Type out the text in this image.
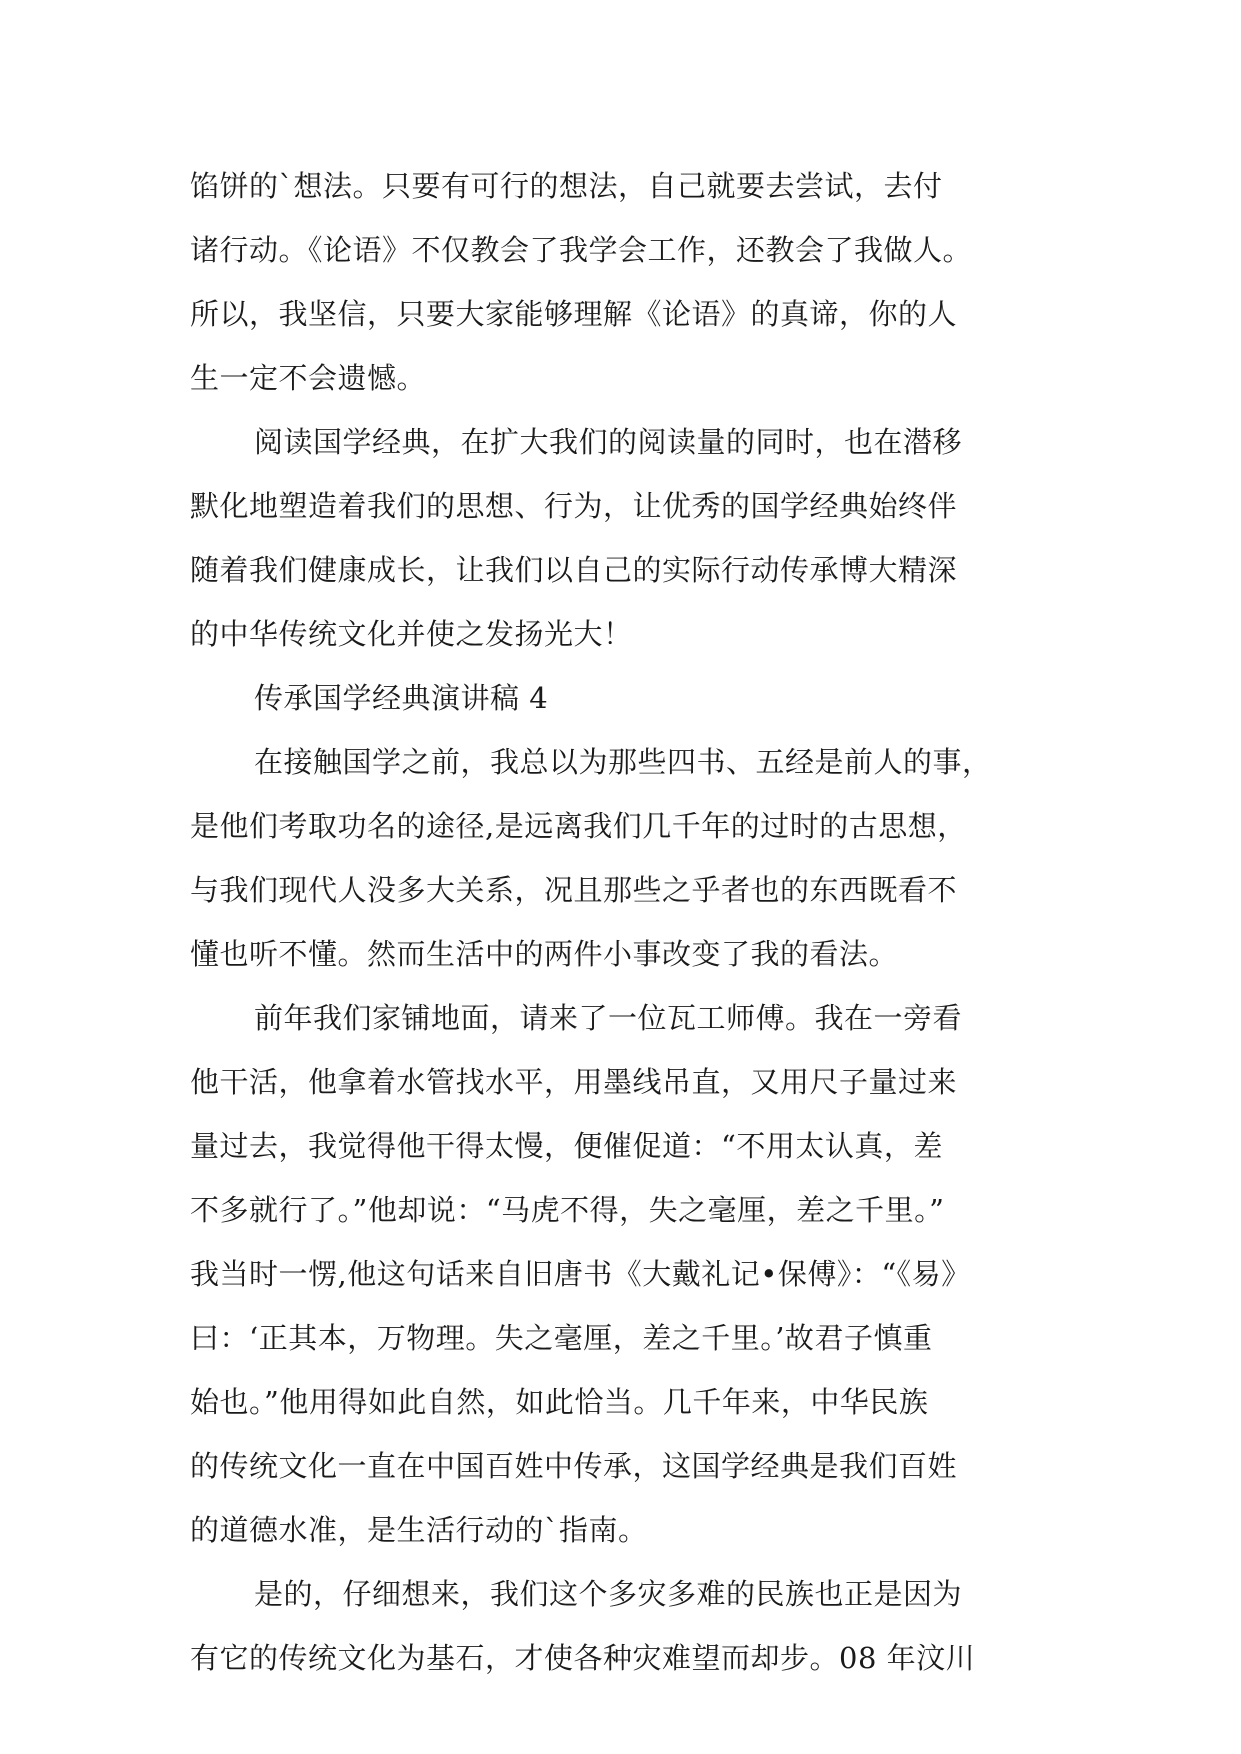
馅饼的`想法。只要有可行的想法，自己就要去尝试，去付
诸行动。《论语》不仅教会了我学会工作，还教会了我做人。
所以，我坚信，只要大家能够理解《论语》的真谛，你的人
生一定不会遗憾。
阅读国学经典，在扩大我们的阅读量的同时，也在潜移
默化地塑造着我们的思想、行为，让优秀的国学经典始终伴
随着我们健康成长，让我们以自己的实际行动传承博大精深
的中华传统文化并使之发扬光大！
传承国学经典演讲稿 4
在接触国学之前，我总以为那些四书、五经是前人的事，
是他们考取功名的途径,是远离我们几千年的过时的古思想，
与我们现代人没多大关系，况且那些之乎者也的东西既看不
懂也听不懂。然而生活中的两件小事改变了我的看法。
前年我们家铺地面，请来了一位瓦工师傅。我在一旁看
他干活，他拿着水管找水平，用墨线吊直，又用尺子量过来
量过去，我觉得他干得太慢，便催促道：“不用太认真，差
不多就行了。”他却说：“马虎不得，失之毫厘，差之千里。”
我当时一愣,他这句话来自旧唐书《大戴礼记•保傅》：“《易》
曰：‘正其本，万物理。失之毫厘，差之千里。’故君子慎重
始也。”他用得如此自然，如此恰当。几千年来，中华民族
的传统文化一直在中国百姓中传承，这国学经典是我们百姓
的道德水准，是生活行动的`指南。
是的，仔细想来，我们这个多灾多难的民族也正是因为
有它的传统文化为基石，才使各种灾难望而却步。08 年汶川
